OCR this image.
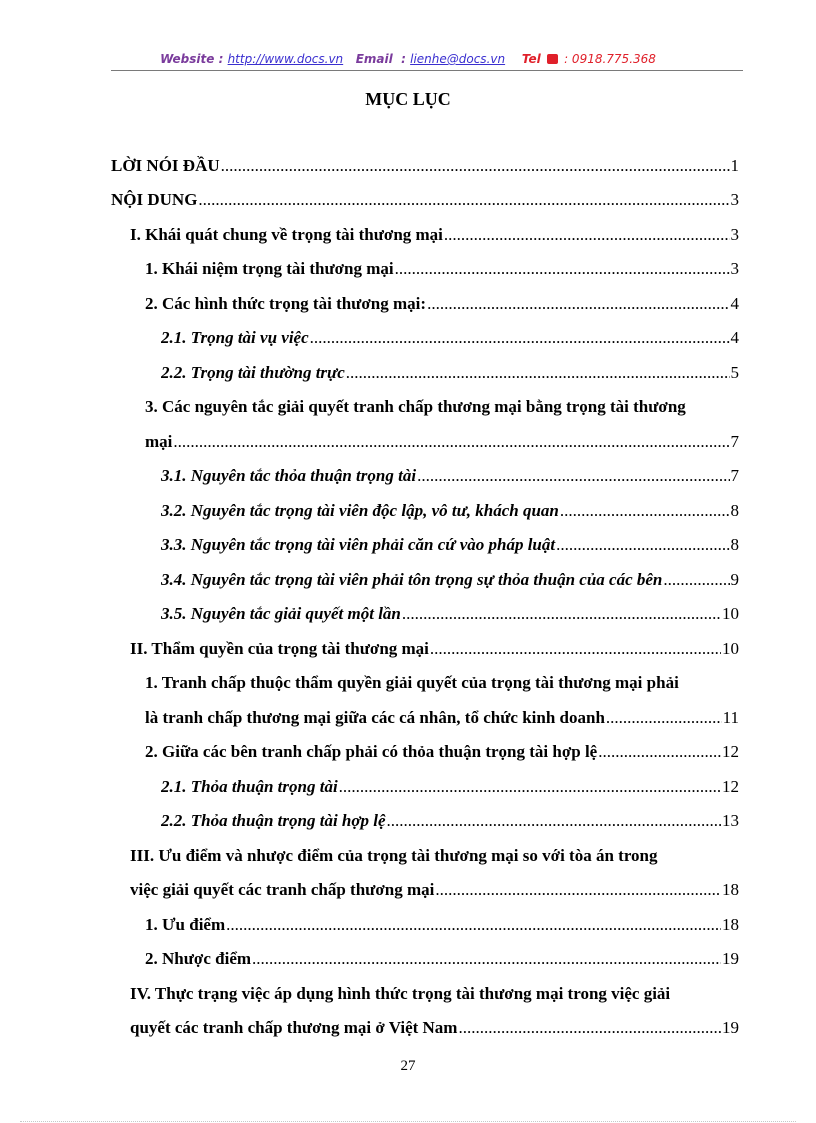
Website : http://www.docs.vn Email : lienhe@docs.vn Tel : 0918.775.368
MỤC LỤC
LỜI NÓI ĐẦU .....	1
NỘI DUNG .....	3
I. Khái quát chung về trọng tài thương mại .....	3
1. Khái niệm trọng tài thương mại .....	3
2. Các hình thức trọng tài thương mại: .....	4
2.1. Trọng tài vụ việc .....	4
2.2. Trọng tài thường trực .....	5
3. Các nguyên tắc giải quyết tranh chấp thương mại bằng trọng tài thương
mại .....	7
3.1. Nguyên tắc thỏa thuận trọng tài .....	7
3.2. Nguyên tắc trọng tài viên độc lập, vô tư, khách quan .....	8
3.3. Nguyên tắc trọng tài viên phải căn cứ vào pháp luật .....	8
3.4. Nguyên tắc trọng tài viên phải tôn trọng sự thỏa thuận của các bên .....	9
3.5. Nguyên tắc giải quyết một lần .....	10
II. Thẩm quyền của trọng tài thương mại .....	10
1. Tranh chấp thuộc thẩm quyền giải quyết của trọng tài thương mại phải
là tranh chấp thương mại giữa các cá nhân, tổ chức kinh doanh .....	11
2. Giữa các bên tranh chấp phải có thỏa thuận trọng tài hợp lệ .....	12
2.1. Thỏa thuận trọng tài .....	12
2.2. Thỏa thuận trọng tài hợp lệ .....	13
III. Ưu điểm và nhược điểm của trọng tài thương mại so với tòa án trong
việc giải quyết các tranh chấp thương mại .....	18
1. Ưu điểm .....	18
2. Nhược điểm .....	19
IV. Thực trạng việc áp dụng hình thức trọng tài thương mại trong việc giải
quyết các tranh chấp thương mại ở Việt Nam .....	19
27
